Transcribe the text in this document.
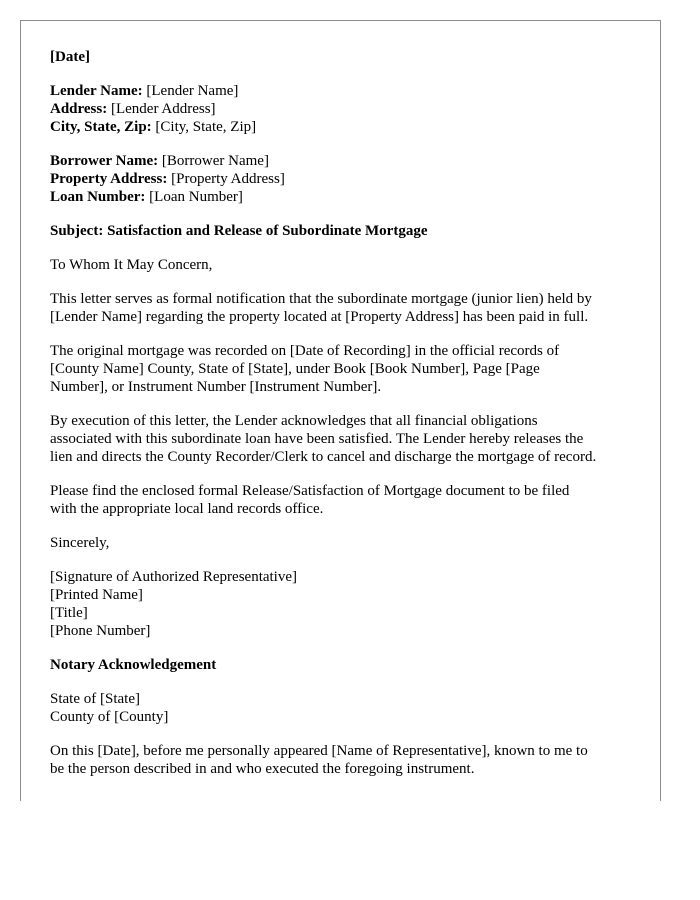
[Date]
Lender Name: [Lender Name]
Address: [Lender Address]
City, State, Zip: [City, State, Zip]
Borrower Name: [Borrower Name]
Property Address: [Property Address]
Loan Number: [Loan Number]

Subject: Satisfaction and Release of Subordinate Mortgage

To Whom It May Concern,

This letter serves as formal notification that the subordinate mortgage (junior lien) held by
[Lender Name] regarding the property located at [Property Address] has been paid in full.

The original mortgage was recorded on [Date of Recording] in the official records of
[County Name] County, State of [State], under Book [Book Number], Page [Page
Number], or Instrument Number [Instrument Number].

By execution of this letter, the Lender acknowledges that all financial obligations
associated with this subordinate loan have been satisfied. The Lender hereby releases the
lien and directs the County Recorder/Clerk to cancel and discharge the mortgage of record.

Please find the enclosed formal Release/Satisfaction of Mortgage document to be filed
with the appropriate local land records office.

Sincerely,

[Signature of Authorized Representative]
[Printed Name]
[Title]
[Phone Number]

Notary Acknowledgement

State of [State]
County of [County]

On this [Date], before me personally appeared [Name of Representative], known to me to
be the person described in and who executed the foregoing instrument.
